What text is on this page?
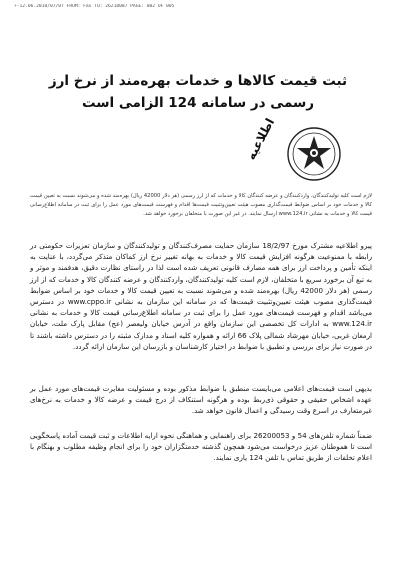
+-12.06.2018/07/07 FROM: Fax TO: 26210087 PAGE: 002 OF 005
ثبت قیمت کالاها و خدمات بهره‌مند از نرخ ارز رسمی در سامانه 124 الزامی است
اطلاعیه
لازم است کلیه تولیدکنندگان، واردکنندگان و عرضه کنندگان کالا و خدمات که از ارز رسمی (هر دلار 42000 ریال) بهره‌مند شده و می‌شوند نسبت به تعیین قیمت کالا و خدمات خود بر اساس ضوابط قیمت‌گذاری مصوب هیئت تعیین‌وتثبیت قیمت‌ها اقدام و فهرست قیمت‌های مورد عمل را برای ثبت در سامانه اطلاع‌رسانی قیمت کالا و خدمات به نشانی www.124.ir ارسال نمایند. در غیر این صورت با متخلفان برخورد خواهد شد.
پیرو اطلاعیه مشترک مورخ 18/2/97 سازمان حمایت مصرف‌کنندگان و تولیدکنندگان و سازمان تعزیرات حکومتی در رابطه با ممنوعیت هرگونه افزایش قیمت کالا و خدمات به بهانه تغییر نرخ ارز کماکان متذکر می‌گردد، با عنایت به اینکه تأمین و پرداخت ارز برای همه مصارف قانونی تعریف شده است لذا در راستای نظارت دقیق، هدفمند و موثر و به تبع آن برخورد سریع با متخلفان، لازم است کلیه تولیدکنندگان، واردکنندگان و عرضه کنندگان کالا و خدمات که از ارز رسمی (هر دلار 42000 ریال) بهره‌مند شده و می‌شوند نسبت به تعیین قیمت کالا و خدمات خود بر اساس ضوابط قیمت‌گذاری مصوب هیئت تعیین‌وتثبیت قیمت‌ها که در سامانه این سازمان به نشانی www.cppo.ir در دسترس می‌باشد اقدام و فهرست قیمت‌های مورد عمل را برای ثبت در سامانه اطلاع‌رسانی قیمت کالا و خدمات به نشانی www.124.ir به ادارات کل تخصصی این سازمان واقع در آدرس خیابان ولیعصر (عج) مقابل پارک ملت، خیابان ارمغان غربی، خیابان مهرشاد شمالی پلاک 66 ارائه و همواره کلیه اسناد و مدارک مثبته را در دسترس داشته باشند تا در صورت نیاز برای بررسی و تطبیق با ضوابط در اختیار کارشناسان و بازرسان این سازمان ارائه گردد.
بدیهی است قیمت‌های اعلامی می‌بایست منطبق با ضوابط مذکور بوده و مسئولیت مغایرت قیمت‌های مورد عمل بر عهده اشخاص حقیقی و حقوقی ذی‌ربط بوده و هرگونه استنکاف از درج قیمت و عرضه کالا و خدمات به نرخ‌های غیرمتعارف در اسرع وقت رسیدگی و اعمال قانون خواهد شد.
ضمناً شماره تلفن‌های 54 و 26200053 برای راهنمایی و هماهنگی نحوه ارایه اطلاعات و ثبت قیمت آماده پاسخگویی است تا هموطنان عزیز درخواست می‌شود همچون گذشته خدمتگزاران خود را برای انجام وظیفه مطلوب و بهنگام با اعلام تخلفات از طریق تماس با تلفن 124 یاری نمایند.
